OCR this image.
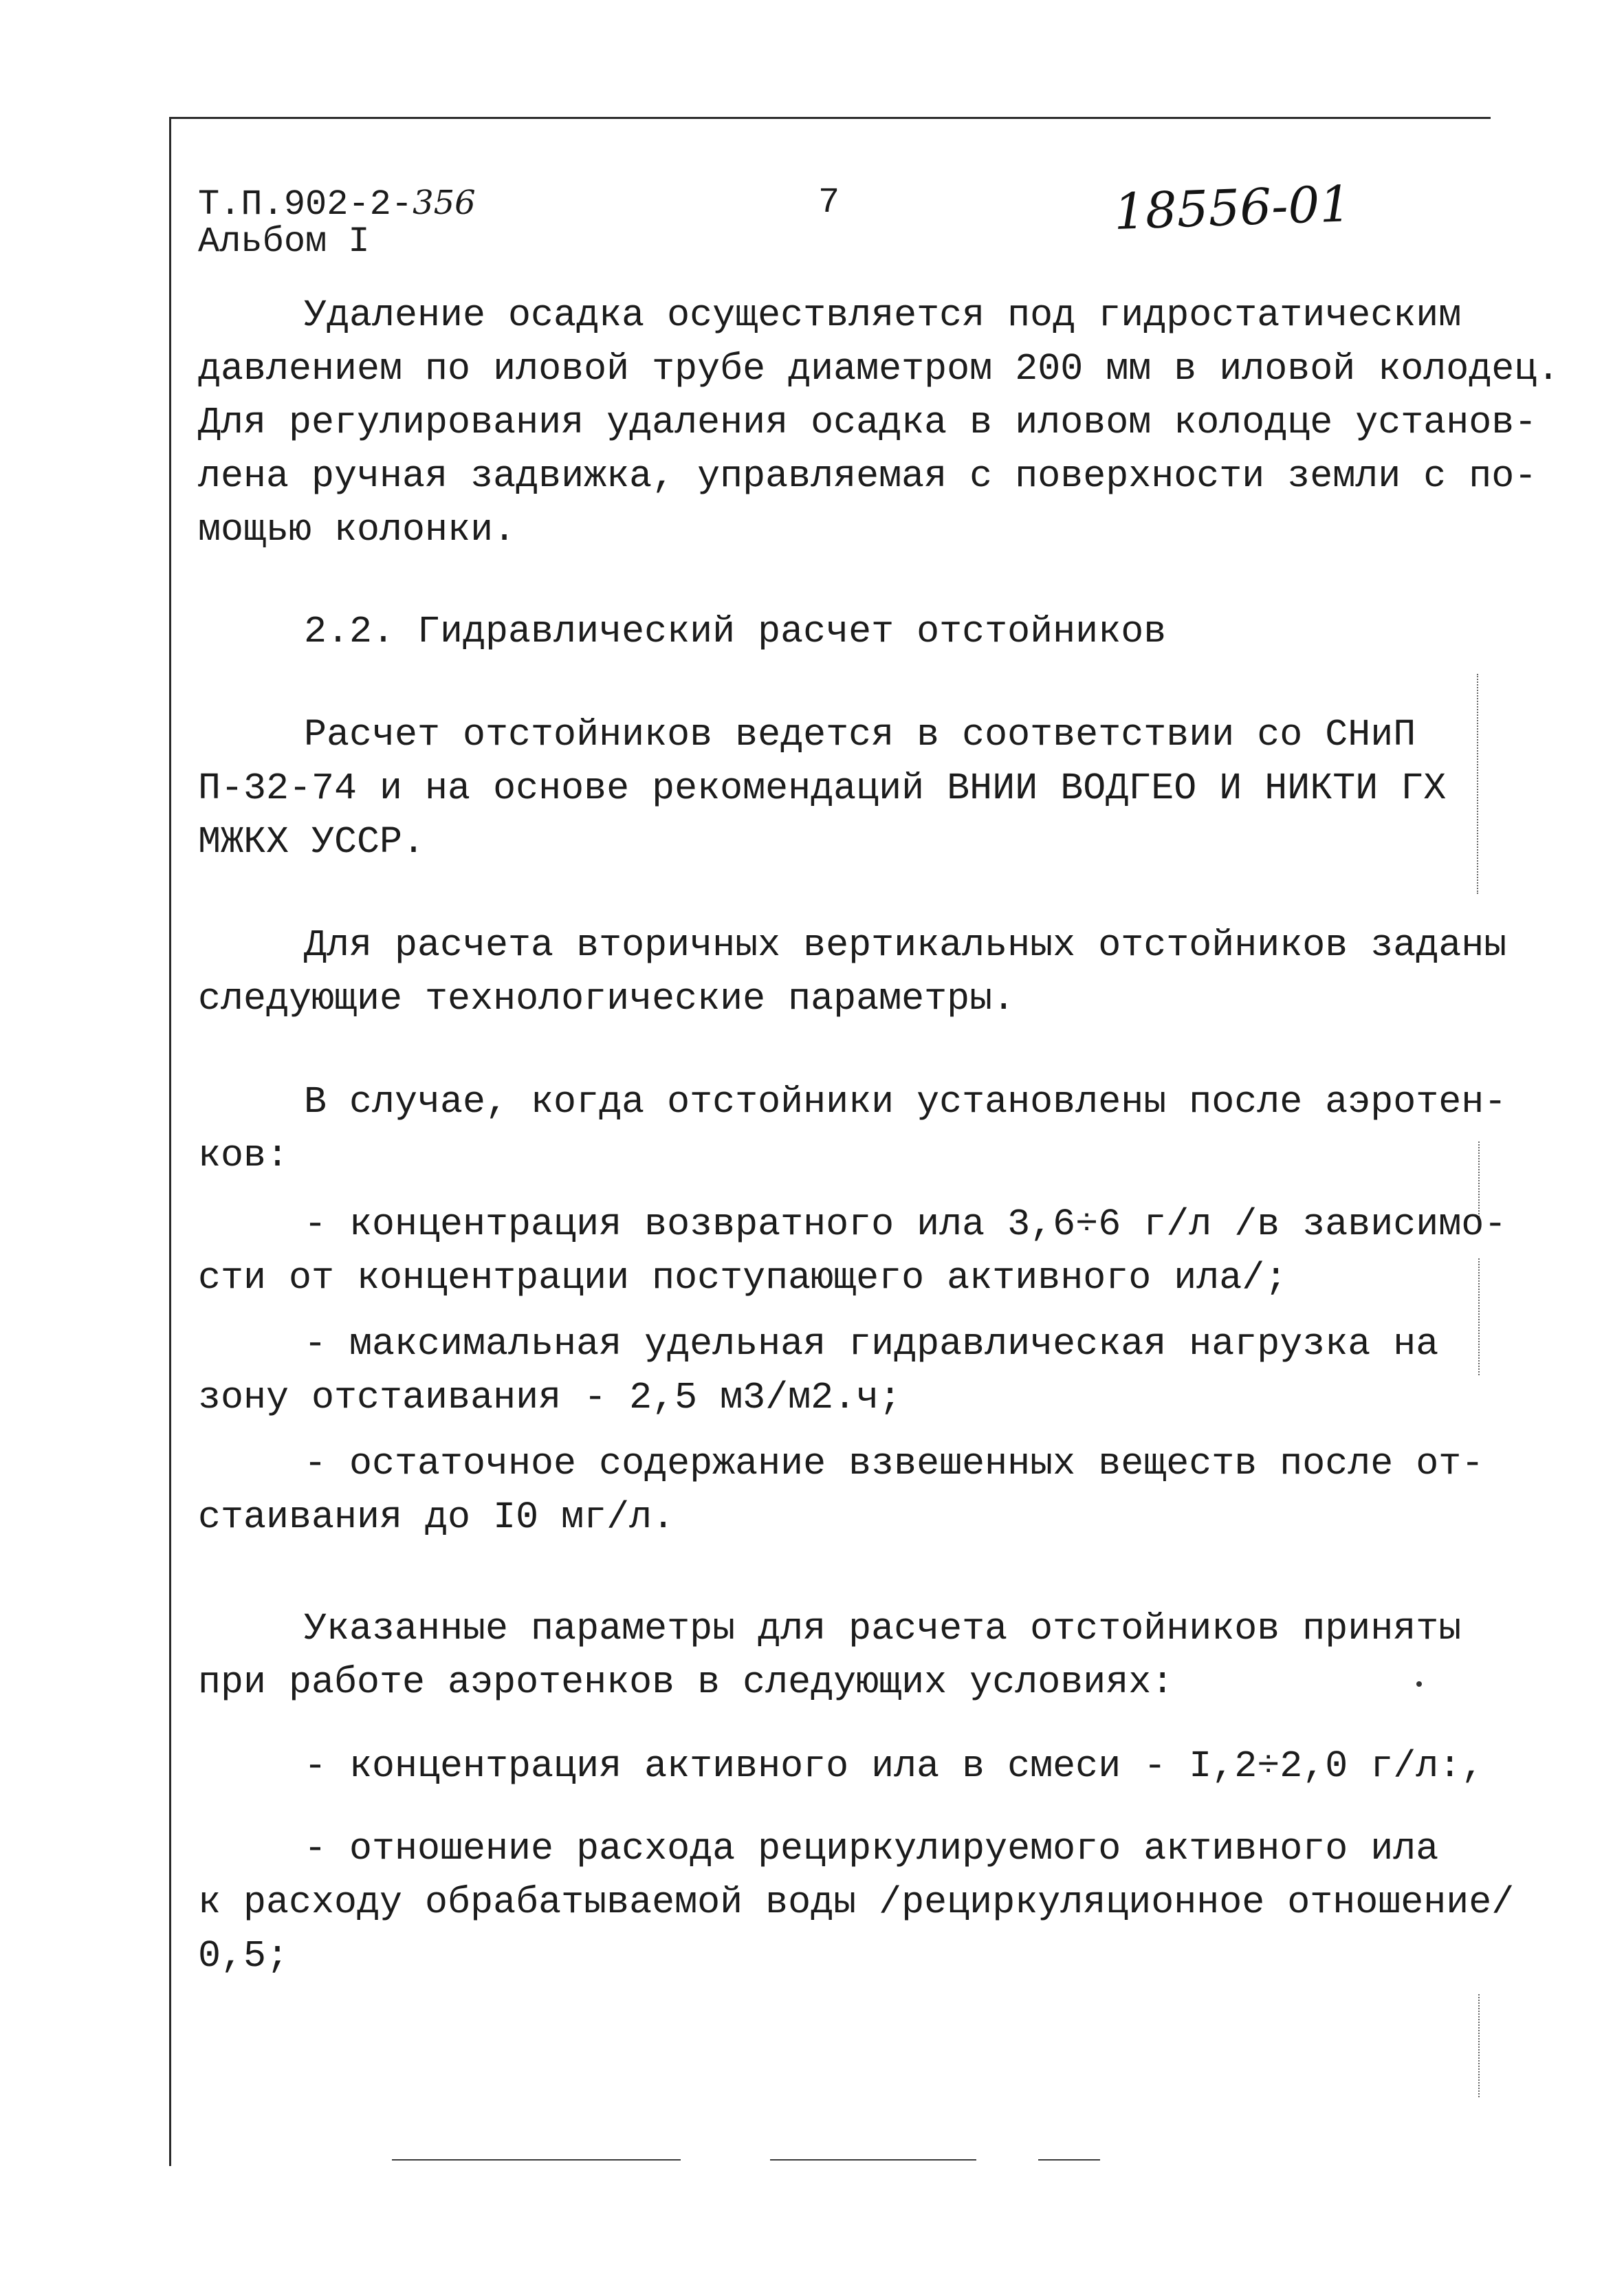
Т.П.902-2-356
Альбом I
7	18556-01
Удаление осадка осуществляется под гидростатическим
давлением по иловой трубе диаметром 200 мм в иловой колодец.
Для регулирования удаления осадка в иловом колодце установ-
лена ручная задвижка, управляемая с поверхности земли с по-
мощью колонки.
2.2. Гидравлический расчет отстойников
Расчет отстойников ведется в соответствии со СНиП
П-32-74 и на основе рекомендаций ВНИИ ВОДГЕО И НИКТИ ГХ
МЖКХ УССР.
Для расчета вторичных вертикальных отстойников заданы
следующие технологические параметры.
В случае, когда отстойники установлены после аэротен-
ков:
- концентрация возвратного ила 3,6÷6 г/л /в зависимо-
сти от концентрации поступающего активного ила/;
- максимальная удельная гидравлическая нагрузка на
зону отстаивания - 2,5 м3/м2.ч;
- остаточное содержание взвешенных веществ после от-
стаивания до I0 мг/л.
Указанные параметры для расчета отстойников приняты
при работе аэротенков в следующих условиях:
- концентрация активного ила в смеси - I,2÷2,0 г/л:,
- отношение расхода рециркулируемого активного ила
к расходу обрабатываемой воды /рециркуляционное отношение/
0,5;
